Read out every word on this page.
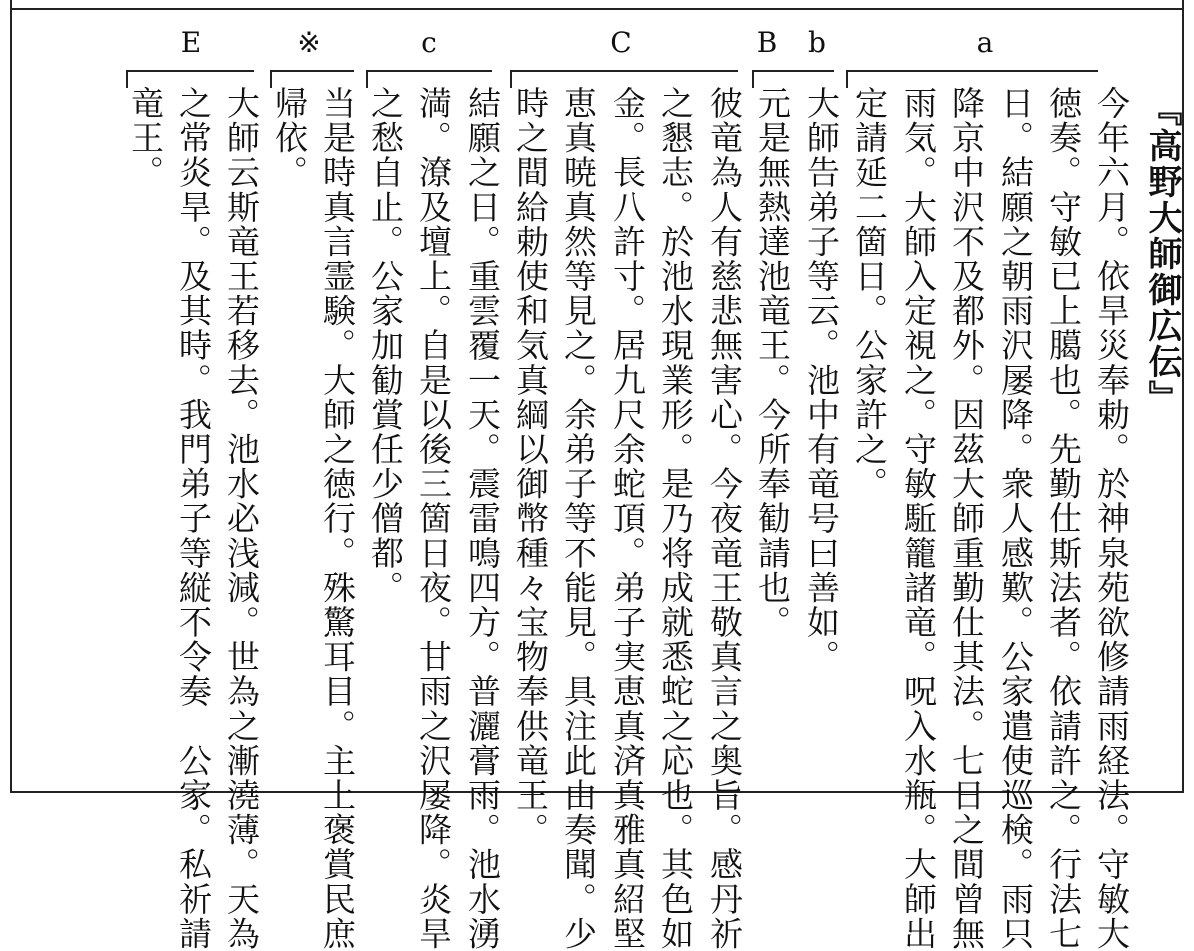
『高野大師御広伝』
a
b
B
C
c
※
E
今年六月。依旱災奉勅。於神泉苑欲修請雨経法。守敏大
徳奏。守敏已上臈也。先勤仕斯法者。依請許之。行法七
日。結願之朝雨沢屡降。衆人感歎。公家遣使巡検。雨只
降京中沢不及都外。因茲大師重勤仕其法。七日之間曾無
雨気。大師入定視之。守敏駈籠諸竜。呪入水瓶。大師出
定請延二箇日。公家許之。
大師告弟子等云。池中有竜号曰善如。
元是無熱達池竜王。今所奉勧請也。
彼竜為人有慈悲無害心。今夜竜王敬真言之奥旨。感丹祈
之懇志。於池水現業形。是乃将成就悉蛇之応也。其色如
金。長八許寸。居九尺余蛇頂。弟子実恵真済真雅真紹堅
恵真暁真然等見之。余弟子等不能見。具注此由奏聞。少
時之間給勅使和気真綱以御幣種々宝物奉供竜王。
結願之日。重雲覆一天。震雷鳴四方。普灑膏雨。池水湧
満。潦及壇上。自是以後三箇日夜。甘雨之沢屡降。炎旱
之愁自止。公家加勧賞任少僧都。
当是時真言霊験。大師之徳行。殊驚耳目。主上褒賞民庶
帰依。
大師云斯竜王若移去。池水必浅減。世為之漸澆薄。天為
之常炎旱。及其時。我門弟子等縦不令奏　公家。私祈請
竜王。
